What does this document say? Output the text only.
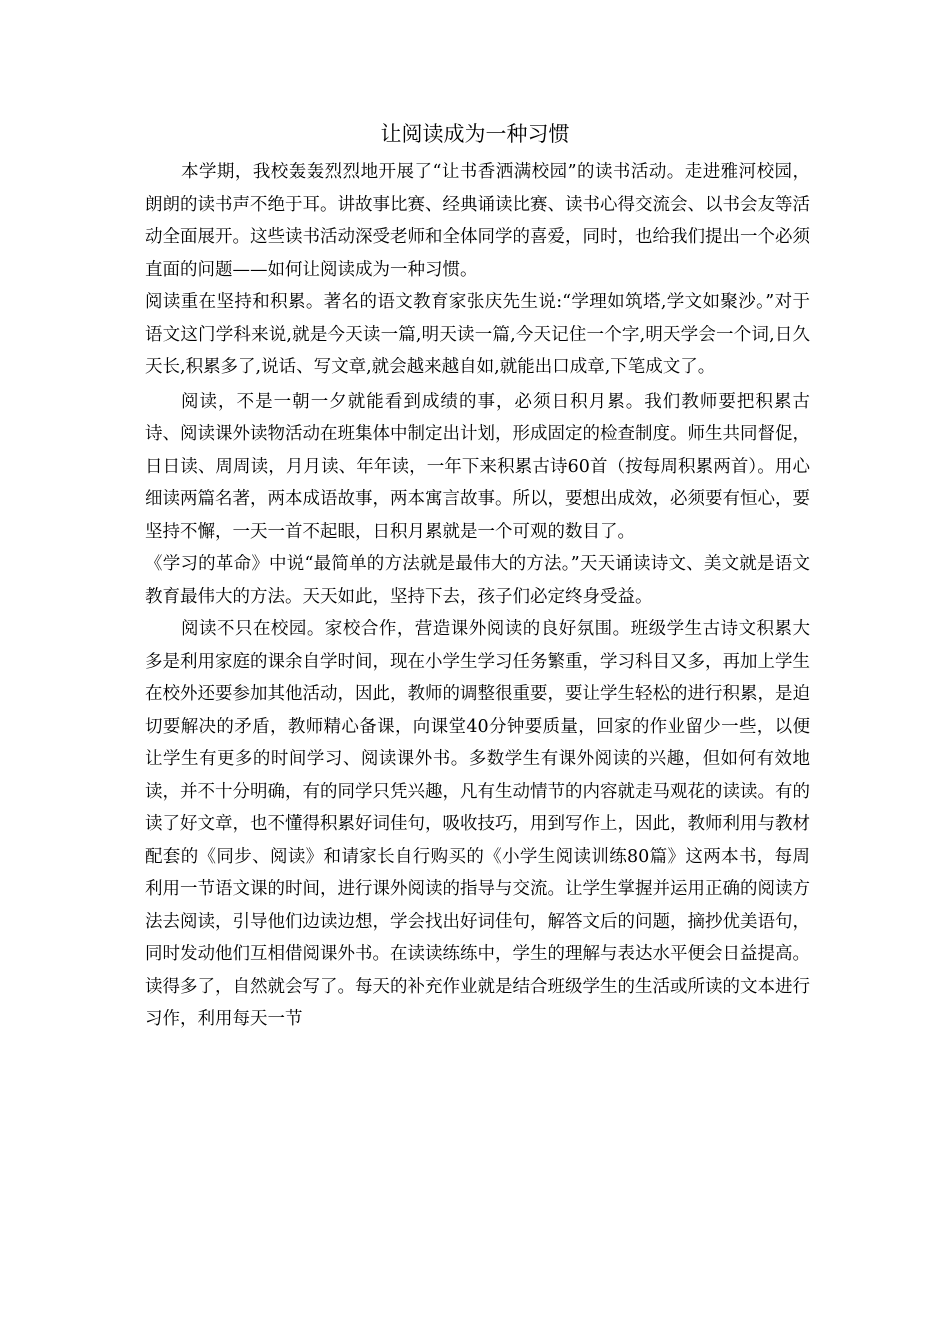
让阅读成为一种习惯

本学期，我校轰轰烈烈地开展了“让书香洒满校园”的读书活动。走进雅河校园，朗朗的读书声不绝于耳。讲故事比赛、经典诵读比赛、读书心得交流会、以书会友等活动全面展开。这些读书活动深受老师和全体同学的喜爱，同时，也给我们提出一个必须直面的问题——如何让阅读成为一种习惯。

阅读重在坚持和积累。著名的语文教育家张庆先生说:“学理如筑塔,学文如聚沙。”对于语文这门学科来说,就是今天读一篇,明天读一篇,今天记住一个字,明天学会一个词,日久天长,积累多了,说话、写文章,就会越来越自如,就能出口成章,下笔成文了。

阅读，不是一朝一夕就能看到成绩的事，必须日积月累。我们教师要把积累古诗、阅读课外读物活动在班集体中制定出计划，形成固定的检查制度。师生共同督促，日日读、周周读，月月读、年年读，一年下来积累古诗60首（按每周积累两首）。用心细读两篇名著，两本成语故事，两本寓言故事。所以，要想出成效，必须要有恒心，要坚持不懈，一天一首不起眼，日积月累就是一个可观的数目了。

《学习的革命》中说“最简单的方法就是最伟大的方法。”天天诵读诗文、美文就是语文教育最伟大的方法。天天如此，坚持下去，孩子们必定终身受益。

阅读不只在校园。家校合作，营造课外阅读的良好氛围。班级学生古诗文积累大多是利用家庭的课余自学时间，现在小学生学习任务繁重，学习科目又多，再加上学生在校外还要参加其他活动，因此，教师的调整很重要，要让学生轻松的进行积累，是迫切要解决的矛盾，教师精心备课，向课堂40分钟要质量，回家的作业留少一些，以便让学生有更多的时间学习、阅读课外书。多数学生有课外阅读的兴趣，但如何有效地读，并不十分明确，有的同学只凭兴趣，凡有生动情节的内容就走马观花的读读。有的读了好文章，也不懂得积累好词佳句，吸收技巧，用到写作上，因此，教师利用与教材配套的《同步、阅读》和请家长自行购买的《小学生阅读训练80篇》这两本书，每周利用一节语文课的时间，进行课外阅读的指导与交流。让学生掌握并运用正确的阅读方法去阅读，引导他们边读边想，学会找出好词佳句，解答文后的问题，摘抄优美语句，同时发动他们互相借阅课外书。在读读练练中，学生的理解与表达水平便会日益提高。读得多了，自然就会写了。每天的补充作业就是结合班级学生的生活或所读的文本进行习作，利用每天一节
